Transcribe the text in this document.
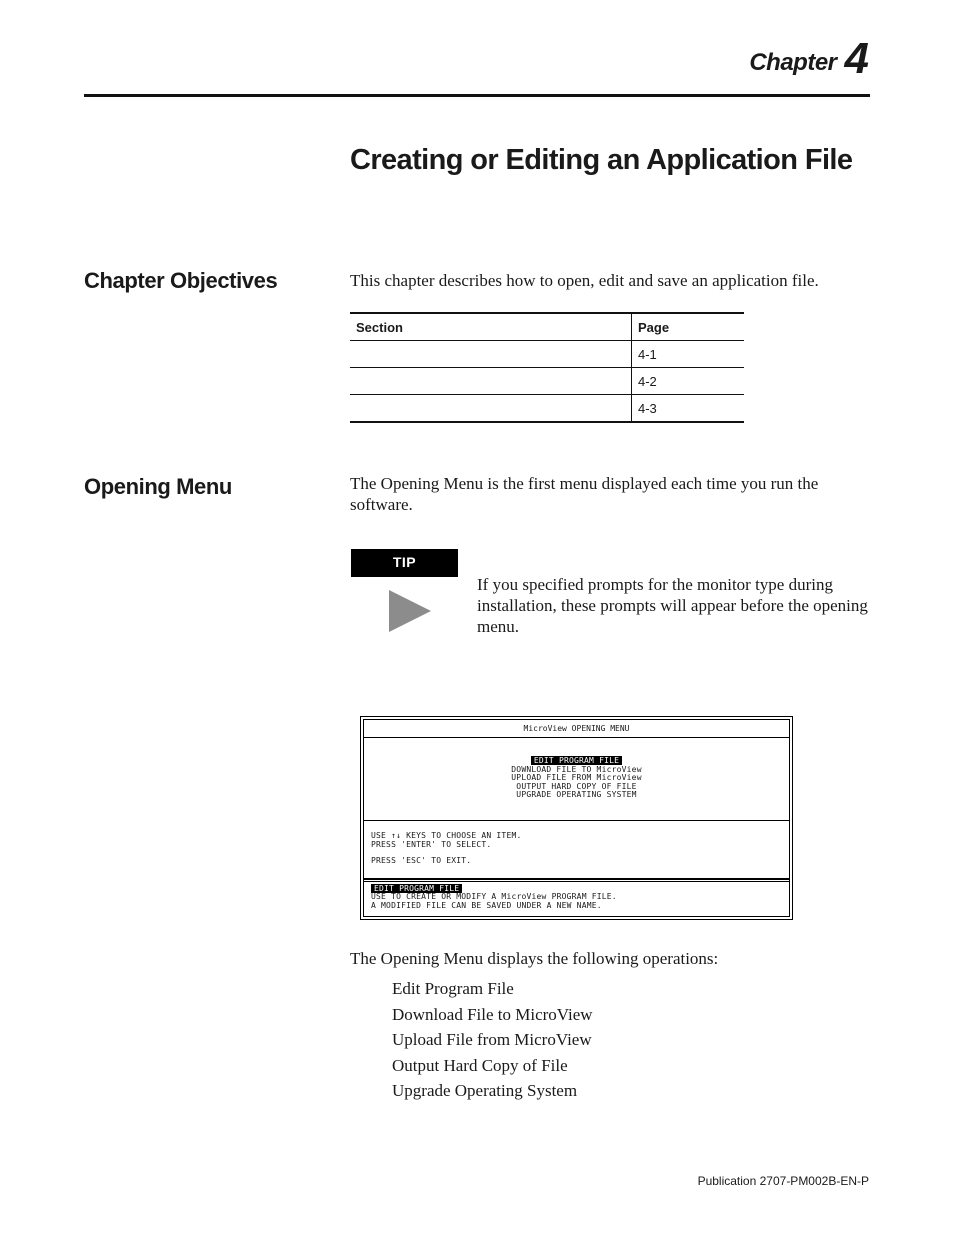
Chapter 4
Creating or Editing an Application File
Chapter Objectives	This chapter describes how to open, edit and save an application file.
Section	Page
	4-1
	4-2
	4-3
Opening Menu	The Opening Menu is the first menu displayed each time you run the software.
TIP
If you specified prompts for the monitor type during installation, these prompts will appear before the opening menu.
MicroView OPENING MENU
EDIT PROGRAM FILE
DOWNLOAD FILE TO MicroView
UPLOAD FILE FROM MicroView
OUTPUT HARD COPY OF FILE
UPGRADE OPERATING SYSTEM
USE ↑↓ KEYS TO CHOOSE AN ITEM.
PRESS 'ENTER' TO SELECT.
PRESS 'ESC' TO EXIT.
EDIT PROGRAM FILE
USE TO CREATE OR MODIFY A MicroView PROGRAM FILE.
A MODIFIED FILE CAN BE SAVED UNDER A NEW NAME.
The Opening Menu displays the following operations:
Edit Program File
Download File to MicroView
Upload File from MicroView
Output Hard Copy of File
Upgrade Operating System
Publication 2707-PM002B-EN-P
